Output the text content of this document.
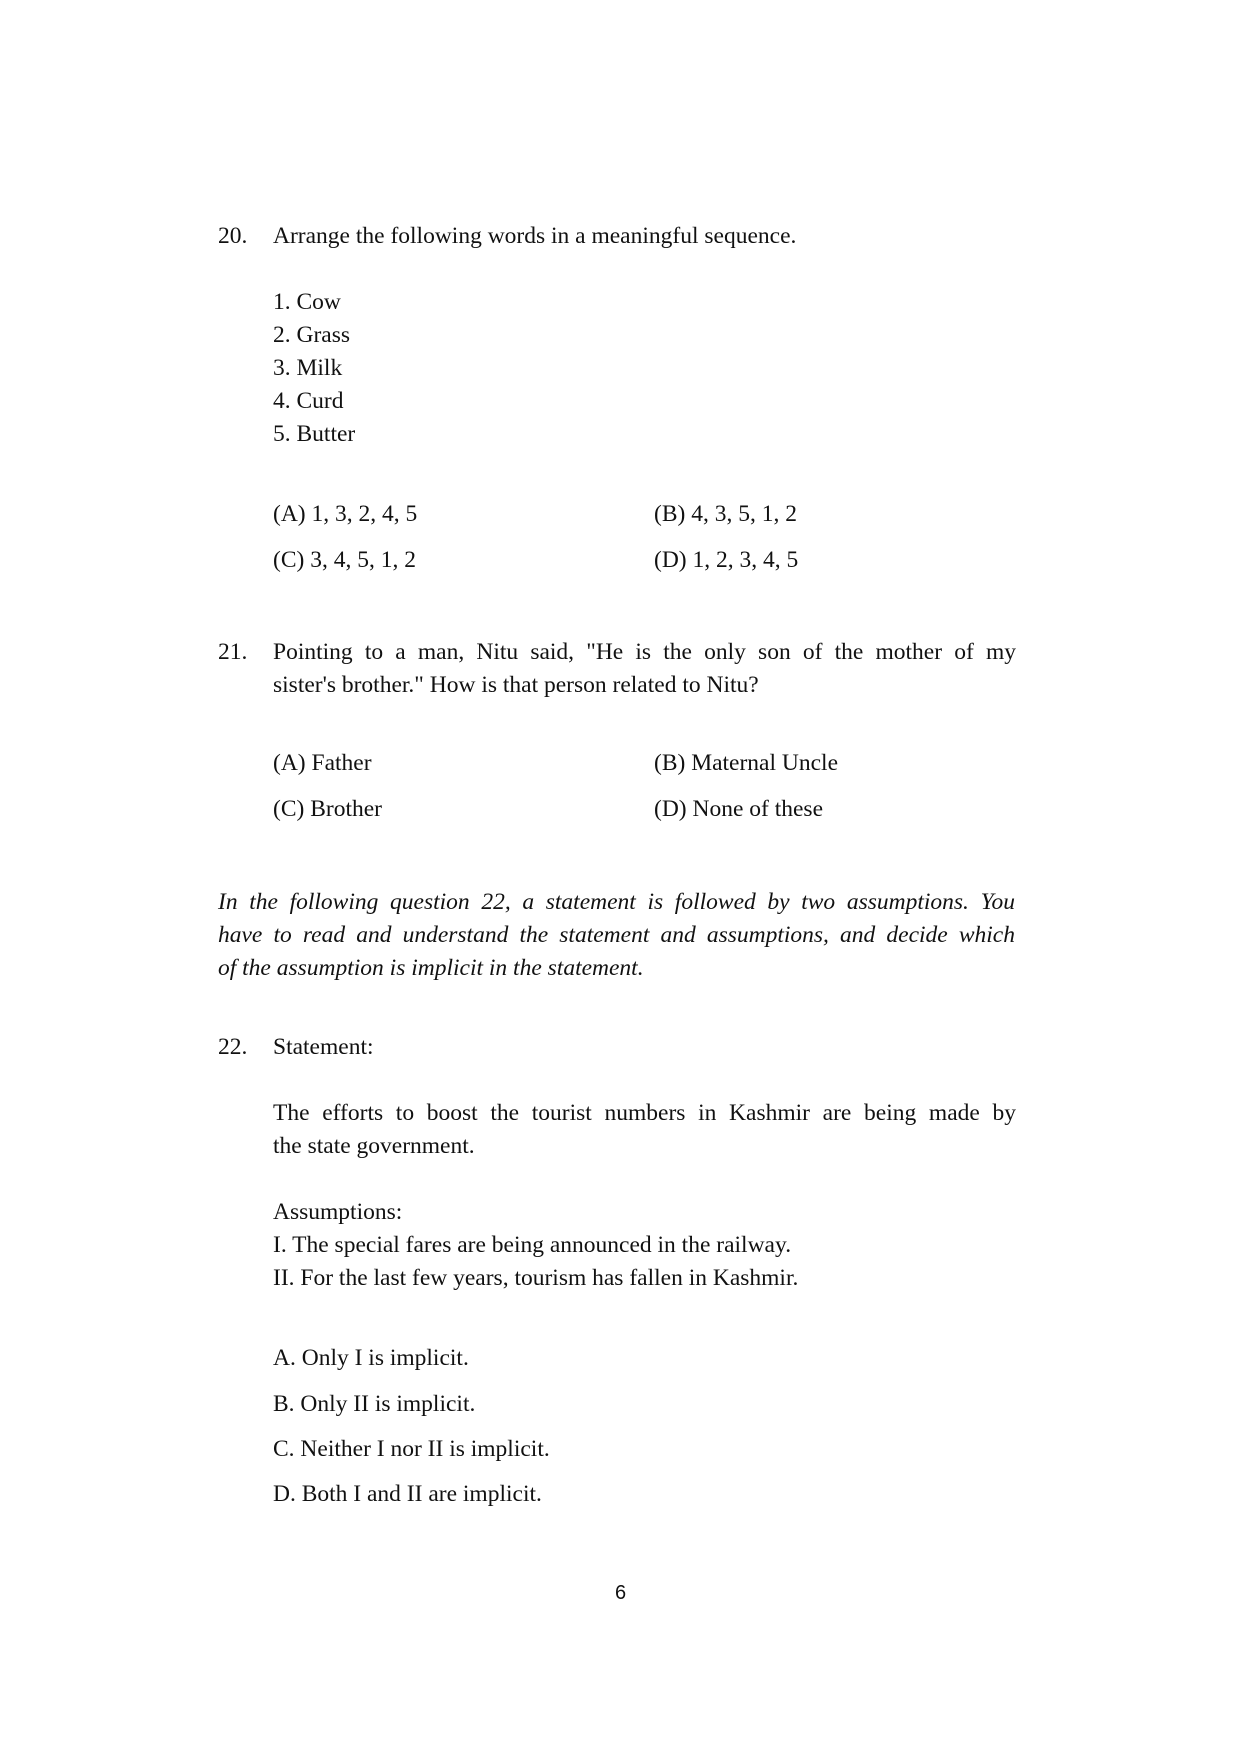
20. Arrange the following words in a meaningful sequence.
1. Cow
2. Grass
3. Milk
4. Curd
5. Butter
(A) 1, 3, 2, 4, 5	(B) 4, 3, 5, 1, 2
(C) 3, 4, 5, 1, 2	(D) 1, 2, 3, 4, 5
21. Pointing to a man, Nitu said, "He is the only son of the mother of my
sister's brother." How is that person related to Nitu?
(A) Father	(B) Maternal Uncle
(C) Brother	(D) None of these
In the following question 22, a statement is followed by two assumptions. You
have to read and understand the statement and assumptions, and decide which
of the assumption is implicit in the statement.
22. Statement:
The efforts to boost the tourist numbers in Kashmir are being made by
the state government.
Assumptions:
I. The special fares are being announced in the railway.
II. For the last few years, tourism has fallen in Kashmir.
A. Only I is implicit.
B. Only II is implicit.
C. Neither I nor II is implicit.
D. Both I and II are implicit.
6
